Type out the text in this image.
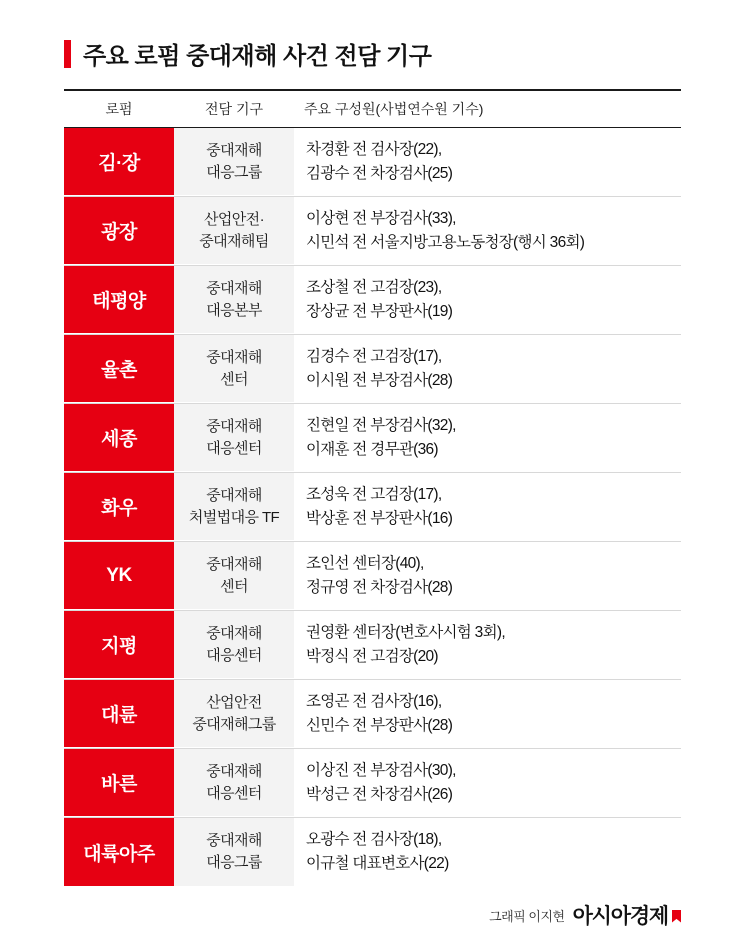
주요 로펌 중대재해 사건 전담 기구
로펌	전담 기구	주요 구성원(사법연수원 기수)
김·장
중대재해
대응그룹
차경환 전 검사장(22),
김광수 전 차장검사(25)
광장
산업안전·
중대재해팀
이상현 전 부장검사(33),
시민석 전 서울지방고용노동청장(행시 36회)
태평양
중대재해
대응본부
조상철 전 고검장(23),
장상균 전 부장판사(19)
율촌
중대재해
센터
김경수 전 고검장(17),
이시원 전 부장검사(28)
세종
중대재해
대응센터
진현일 전 부장검사(32),
이재훈 전 경무관(36)
화우
중대재해
처벌법대응 TF
조성욱 전 고검장(17),
박상훈 전 부장판사(16)
YK
중대재해
센터
조인선 센터장(40),
정규영 전 차장검사(28)
지평
중대재해
대응센터
권영환 센터장(변호사시험 3회),
박정식 전 고검장(20)
대륜
산업안전
중대재해그룹
조영곤 전 검사장(16),
신민수 전 부장판사(28)
바른
중대재해
대응센터
이상진 전 부장검사(30),
박성근 전 차장검사(26)
대륙아주
중대재해
대응그룹
오광수 전 검사장(18),
이규철 대표변호사(22)
그래픽 이지현 아시아경제
